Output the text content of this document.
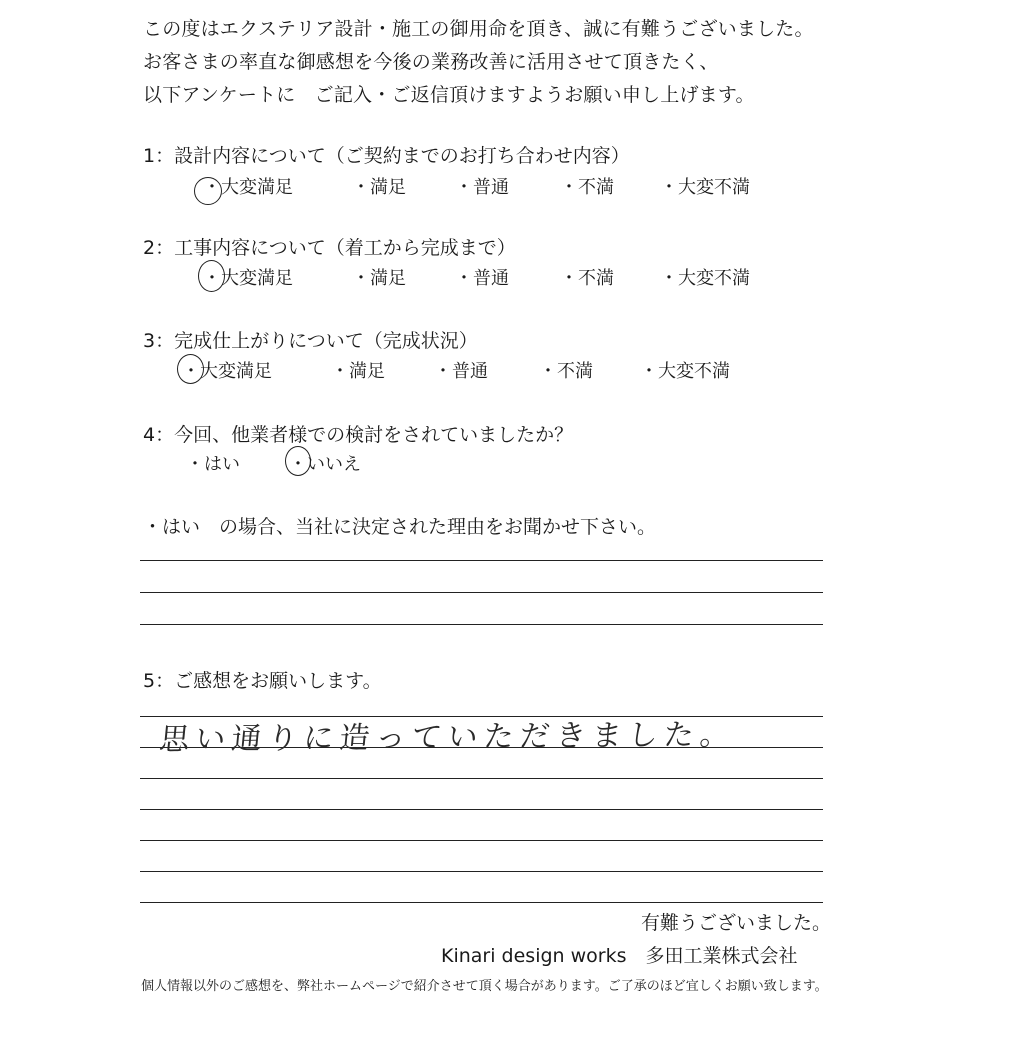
この度はエクステリア設計・施工の御用命を頂き、誠に有難うございました。
お客さまの率直な御感想を今後の業務改善に活用させて頂きたく、
以下アンケートに　ご記入・ご返信頂けますようお願い申し上げます。
1：設計内容について（ご契約までのお打ち合わせ内容）
・大変満足	・満足	・普通	・不満	・大変不満
2：工事内容について（着工から完成まで）
・大変満足	・満足	・普通	・不満	・大変不満
3：完成仕上がりについて（完成状況）
・大変満足	・満足	・普通	・不満	・大変不満
4：今回、他業者様での検討をされていましたか？
・はい	・いいえ
・はい　の場合、当社に決定された理由をお聞かせ下さい。
5：ご感想をお願いします。
思い通りに造っていただきました。
有難うございました。
Kinari design works　多田工業株式会社
個人情報以外のご感想を、弊社ホームページで紹介させて頂く場合があります。ご了承のほど宜しくお願い致します。
